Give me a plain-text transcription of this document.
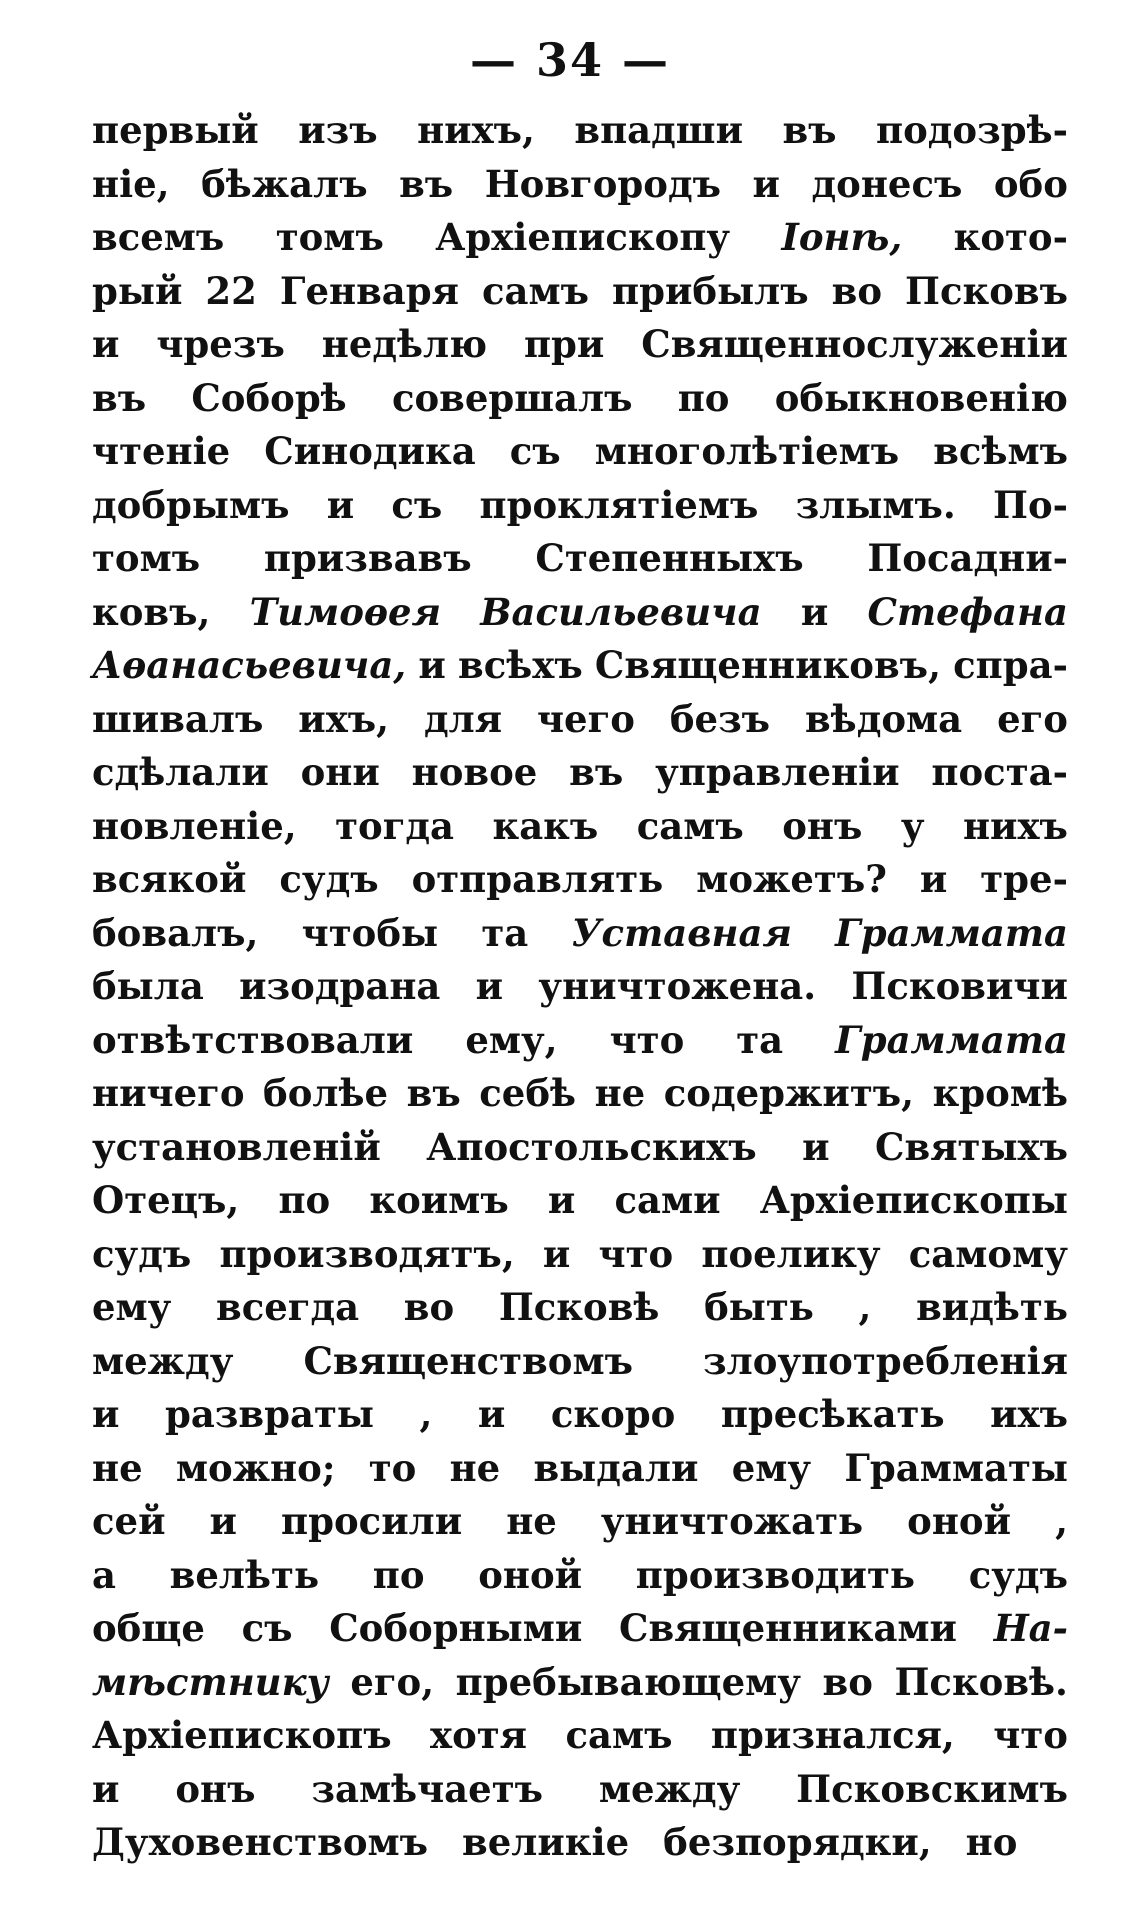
— 34 —
первый изъ нихъ, впадши въ подозрѣ-
ніе, бѣжалъ въ Новгородъ и донесъ обо
всемъ томъ Архіепископу Іонѣ, кото-
рый 22 Генваря самъ прибылъ во Псковъ
и чрезъ недѣлю при Священнослуженіи
въ Соборѣ совершалъ по обыкновенію
чтеніе Синодика съ многолѣтіемъ всѣмъ
добрымъ и съ проклятіемъ злымъ. По-
томъ призвавъ Степенныхъ Посадни-
ковъ, Тимоѳея Васильевича и Стефана
Аѳанасьевича, и всѣхъ Священниковъ, спра-
шивалъ ихъ, для чего безъ вѣдома его
сдѣлали они новое въ управленіи поста-
новленіе, тогда какъ самъ онъ у нихъ
всякой судъ отправлять можетъ? и тре-
бовалъ, чтобы та Уставная Граммата
была изодрана и уничтожена. Псковичи
отвѣтствовали ему, что та Граммата
ничего болѣе въ себѣ не содержитъ, кромѣ
установленій Апостольскихъ и Святыхъ
Отецъ, по коимъ и сами Архіепископы
судъ производятъ, и что поелику самому
ему всегда во Псковѣ быть , видѣть
между Священствомъ злоупотребленія
и развраты , и скоро пресѣкать ихъ
не можно; то не выдали ему Грамматы
сей и просили не уничтожать оной ,
а велѣть по оной производить судъ
обще съ Соборными Священниками На-
мѣстнику его, пребывающему во Псковѣ.
Архіепископъ хотя самъ признался, что
и онъ замѣчаетъ между Псковскимъ
Духовенствомъ великіе безпорядки, но
